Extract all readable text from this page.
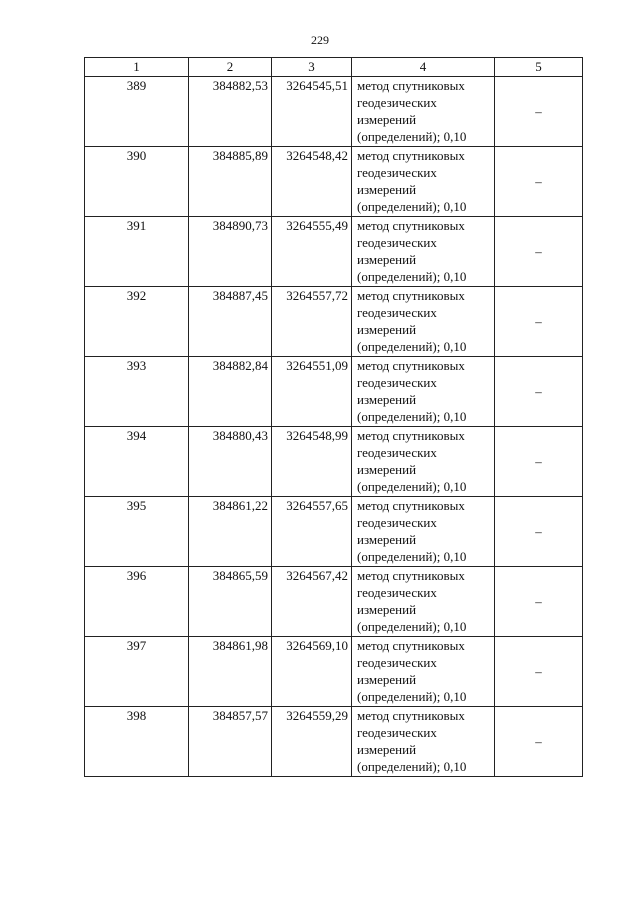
229
1	2	3	4	5
389	384882,53	3264545,51	метод спутниковых
геодезических
измерений
(определений); 0,10	–
390	384885,89	3264548,42	метод спутниковых
геодезических
измерений
(определений); 0,10	–
391	384890,73	3264555,49	метод спутниковых
геодезических
измерений
(определений); 0,10	–
392	384887,45	3264557,72	метод спутниковых
геодезических
измерений
(определений); 0,10	–
393	384882,84	3264551,09	метод спутниковых
геодезических
измерений
(определений); 0,10	–
394	384880,43	3264548,99	метод спутниковых
геодезических
измерений
(определений); 0,10	–
395	384861,22	3264557,65	метод спутниковых
геодезических
измерений
(определений); 0,10	–
396	384865,59	3264567,42	метод спутниковых
геодезических
измерений
(определений); 0,10	–
397	384861,98	3264569,10	метод спутниковых
геодезических
измерений
(определений); 0,10	–
398	384857,57	3264559,29	метод спутниковых
геодезических
измерений
(определений); 0,10	–
